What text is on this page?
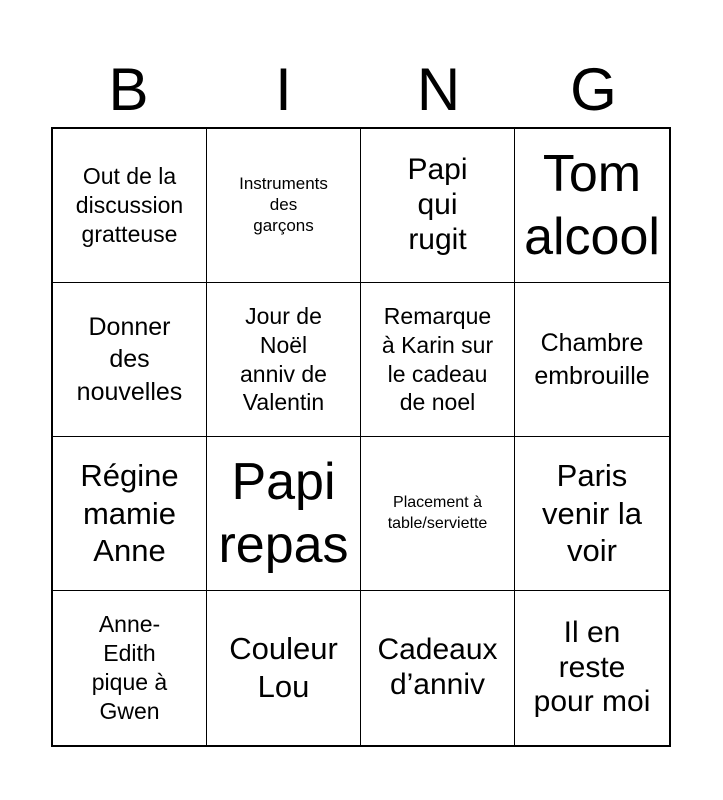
B	I	N	G
Out de la
discussion
gratteuse
Instruments
des
garçons
Papi
qui
rugit
Tom
alcool
Donner
des
nouvelles
Jour de
Noël
anniv de
Valentin
Remarque
à Karin sur
le cadeau
de noel
Chambre
embrouille
Régine
mamie
Anne
Papi
repas
Placement à
table/serviette
Paris
venir la
voir
Anne-
Edith
pique à
Gwen
Couleur
Lou
Cadeaux
d’anniv
Il en
reste
pour moi
